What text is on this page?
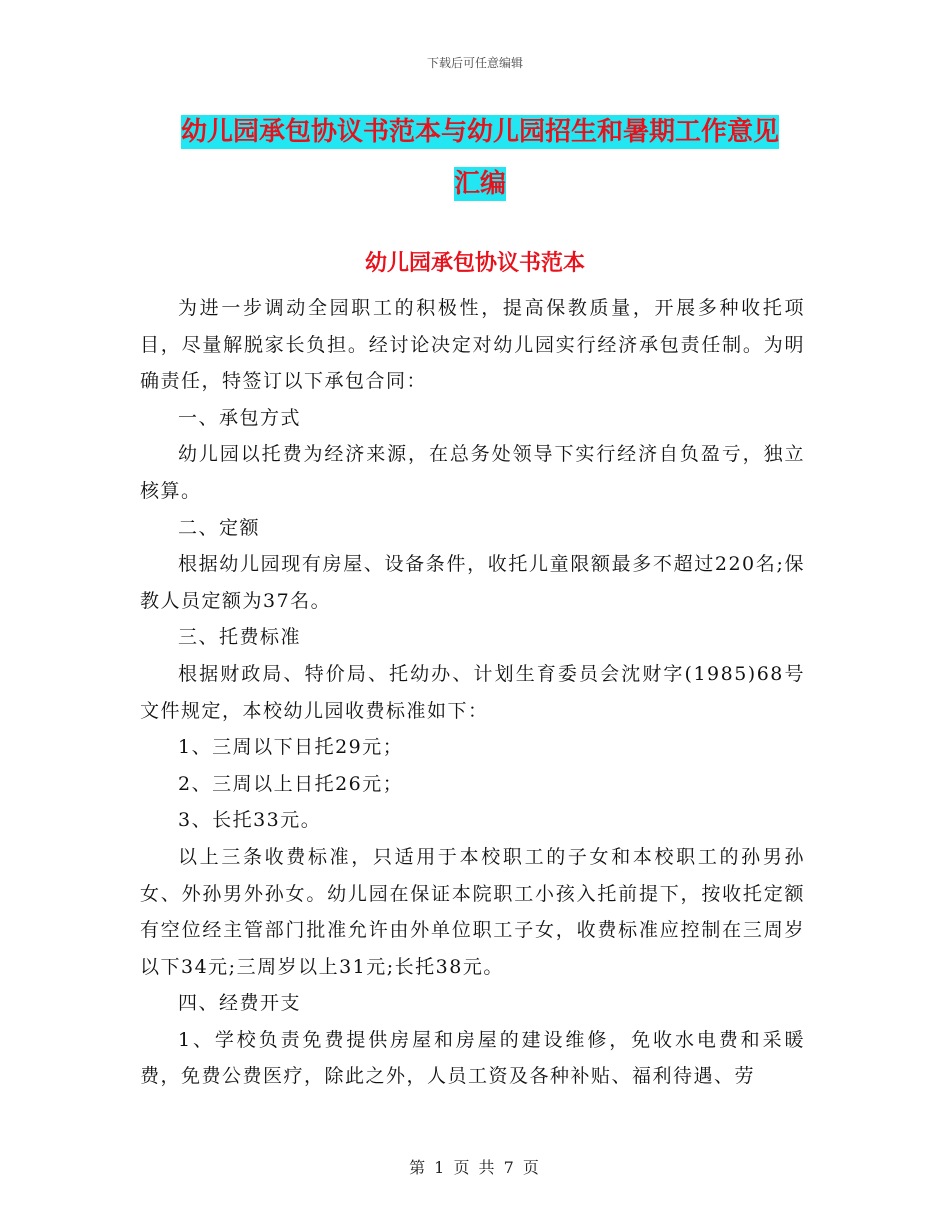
下载后可任意编辑
幼儿园承包协议书范本与幼儿园招生和暑期工作意见
汇编
幼儿园承包协议书范本

为进一步调动全园职工的积极性，提高保教质量，开展多种收托项目，尽量解脱家长负担。经讨论决定对幼儿园实行经济承包责任制。为明确责任，特签订以下承包合同：

一、承包方式

幼儿园以托费为经济来源，在总务处领导下实行经济自负盈亏，独立核算。

二、定额

根据幼儿园现有房屋、设备条件，收托儿童限额最多不超过220名;保教人员定额为37名。

三、托费标准

根据财政局、特价局、托幼办、计划生育委员会沈财字(1985)68号文件规定，本校幼儿园收费标准如下：

1、三周以下日托29元；

2、三周以上日托26元；

3、长托33元。

以上三条收费标准，只适用于本校职工的子女和本校职工的孙男孙女、外孙男外孙女。幼儿园在保证本院职工小孩入托前提下，按收托定额有空位经主管部门批准允许由外单位职工子女，收费标准应控制在三周岁以下34元;三周岁以上31元;长托38元。

四、经费开支

1、学校负责免费提供房屋和房屋的建设维修，免收水电费和采暖费，免费公费医疗，除此之外，人员工资及各种补贴、福利待遇、劳

第 1 页 共 7 页
